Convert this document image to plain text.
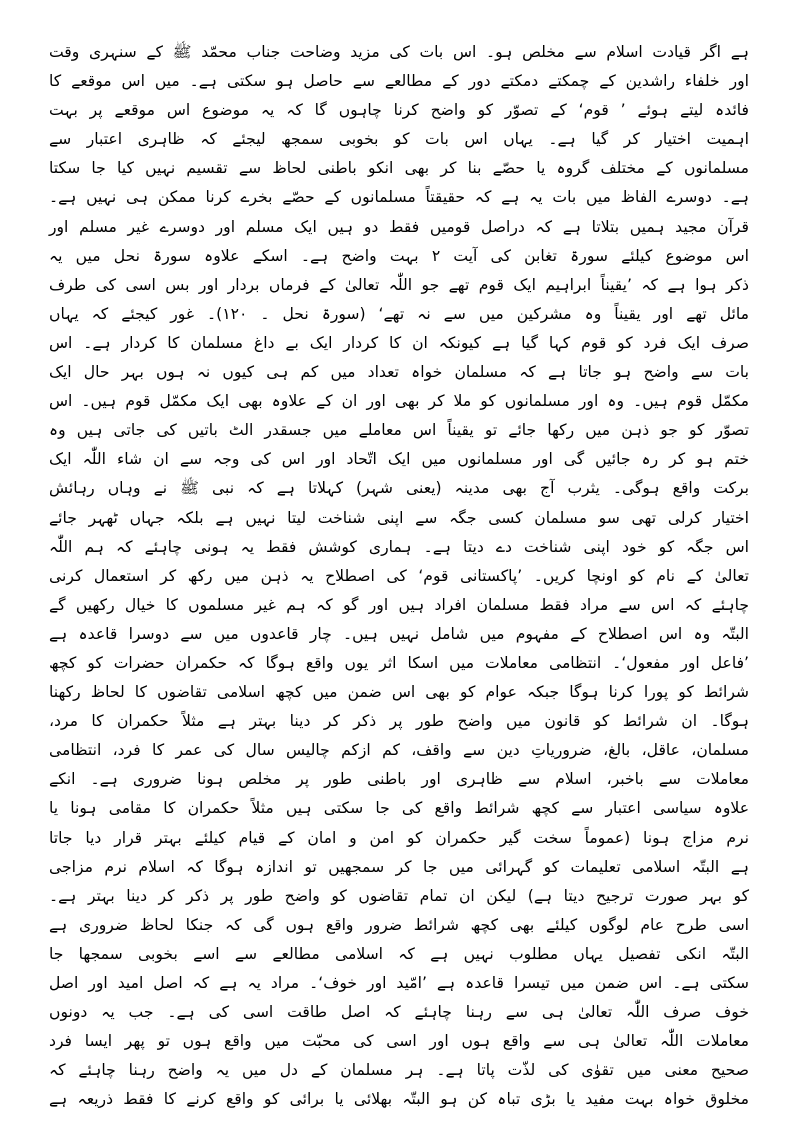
ہے اگر قیادت اسلام سے مخلص ہو۔ اس بات کی مزید وضاحت جناب محمّد ﷺ کے سنہری وقت
اور خلفاء راشدین کے چمکتے دمکتے دور کے مطالعے سے حاصل ہو سکتی ہے۔ میں اس موقعے کا
فائدہ لیتے ہوئے ’ قوم‘ کے تصوّر کو واضح کرنا چاہوں گا کہ یہ موضوع اس موقعے پر بہت
اہمیت اختیار کر گیا ہے۔ یہاں اس بات کو بخوبی سمجھ لیجئے کہ ظاہری اعتبار سے
مسلمانوں کے مختلف گروہ یا حصّے بنا کر بھی انکو باطنی لحاظ سے تقسیم نہیں کیا جا سکتا
ہے۔ دوسرے الفاظ میں بات یہ ہے کہ حقیقتاً مسلمانوں کے حصّے بخرے کرنا ممکن ہی نہیں ہے۔
قرآن مجید ہمیں بتلاتا ہے کہ دراصل قومیں فقط دو ہیں ایک مسلم اور دوسرے غیر مسلم اور
اس موضوع کیلئے سورۃ تغابن کی آیت ۲ بہت واضح ہے۔ اسکے علاوہ سورۃ نحل میں یہ
ذکر ہوا ہے کہ ’یقیناً ابراہیم ایک قوم تھے جو اللّٰہ تعالیٰ کے فرماں بردار اور بس اسی کی طرف
مائل تھے اور یقیناً وہ مشرکین میں سے نہ تھے‘ (سورۃ نحل ۔ ۱۲۰)۔ غور کیجئے کہ یہاں
صرف ایک فرد کو قوم کہا گیا ہے کیونکہ ان کا کردار ایک بے داغ مسلمان کا کردار ہے۔ اس
بات سے واضح ہو جاتا ہے کہ مسلمان خواہ تعداد میں کم ہی کیوں نہ ہوں بہر حال ایک
مکمّل قوم ہیں۔ وہ اور مسلمانوں کو ملا کر بھی اور ان کے علاوہ بھی ایک مکمّل قوم ہیں۔ اس
تصوّر کو جو ذہن میں رکھا جائے تو یقیناً اس معاملے میں جسقدر الٹ باتیں کی جاتی ہیں وہ
ختم ہو کر رہ جائیں گی اور مسلمانوں میں ایک اتّحاد اور اس کی وجہ سے ان شاء اللّٰہ ایک
برکت واقع ہوگی۔ یثرب آج بھی مدینہ (یعنی شہر) کہلاتا ہے کہ نبی ﷺ نے وہاں رہائش
اختیار کرلی تھی سو مسلمان کسی جگہ سے اپنی شناخت لیتا نہیں ہے بلکہ جہاں ٹھہر جائے
اس جگہ کو خود اپنی شناخت دے دیتا ہے۔ ہماری کوشش فقط یہ ہونی چاہئے کہ ہم اللّٰہ
تعالیٰ کے نام کو اونچا کریں۔ ’پاکستانی قوم‘ کی اصطلاح یہ ذہن میں رکھ کر استعمال کرنی
چاہئے کہ اس سے مراد فقط مسلمان افراد ہیں اور گو کہ ہم غیر مسلموں کا خیال رکھیں گے
البتّہ وہ اس اصطلاح کے مفہوم میں شامل نہیں ہیں۔ چار قاعدوں میں سے دوسرا قاعدہ ہے
’فاعل اور مفعول‘۔ انتظامی معاملات میں اسکا اثر یوں واقع ہوگا کہ حکمران حضرات کو کچھ
شرائط کو پورا کرنا ہوگا جبکہ عوام کو بھی اس ضمن میں کچھ اسلامی تقاضوں کا لحاظ رکھنا
ہوگا۔ ان شرائط کو قانون میں واضح طور پر ذکر کر دینا بہتر ہے مثلاً حکمران کا مرد،
مسلمان، عاقل، بالغ، ضروریاتِ دین سے واقف، کم ازکم چالیس سال کی عمر کا فرد، انتظامی
معاملات سے باخبر، اسلام سے ظاہری اور باطنی طور پر مخلص ہونا ضروری ہے۔ انکے
علاوہ سیاسی اعتبار سے کچھ شرائط واقع کی جا سکتی ہیں مثلاً حکمران کا مقامی ہونا یا
نرم مزاج ہونا (عموماً سخت گیر حکمران کو امن و امان کے قیام کیلئے بہتر قرار دیا جاتا
ہے البتّہ اسلامی تعلیمات کو گہرائی میں جا کر سمجھیں تو اندازہ ہوگا کہ اسلام نرم مزاجی
کو بہر صورت ترجیح دیتا ہے) لیکن ان تمام تقاضوں کو واضح طور پر ذکر کر دینا بہتر ہے۔
اسی طرح عام لوگوں کیلئے بھی کچھ شرائط ضرور واقع ہوں گی کہ جنکا لحاظ ضروری ہے
البتّہ انکی تفصیل یہاں مطلوب نہیں ہے کہ اسلامی مطالعے سے اسے بخوبی سمجھا جا
سکتی ہے۔ اس ضمن میں تیسرا قاعدہ ہے ’امّید اور خوف‘۔ مراد یہ ہے کہ اصل امید اور اصل
خوف صرف اللّٰہ تعالیٰ ہی سے رہنا چاہئے کہ اصل طاقت اسی کی ہے۔ جب یہ دونوں
معاملات اللّٰہ تعالیٰ ہی سے واقع ہوں اور اسی کی محبّت میں واقع ہوں تو پھر ایسا فرد
صحیح معنی میں تقوٰی کی لذّت پاتا ہے۔ ہر مسلمان کے دل میں یہ واضح رہنا چاہئے کہ
مخلوق خواہ بہت مفید یا بڑی تباہ کن ہو البتّہ بھلائی یا برائی کو واقع کرنے کا فقط ذریعہ ہے
